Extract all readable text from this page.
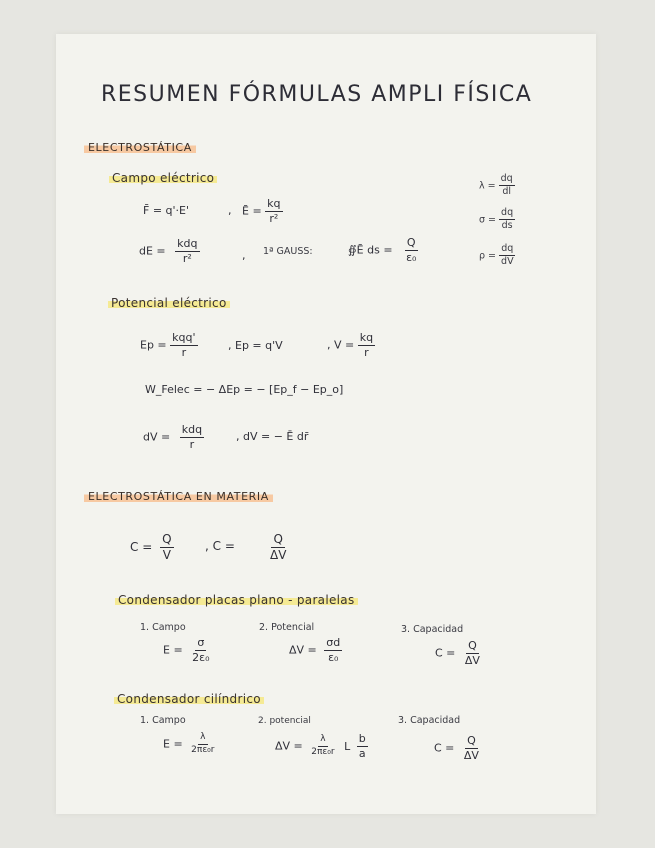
RESUMEN FÓRMULAS AMPLI FÍSICA
ELECTROSTÁTICA
Campo eléctrico
F̄ = q'·E'	, Ē = $\frac{kq}{\text{r²}}$
dE = $\frac{\text{kdq}}{\text{r²}}$	, 1ª GAUSS:	∯Ē ds = $\frac{Q}{\text{ε₀}}$
$\lambda = \frac{dq}{dl}$
$\sigma = \frac{dq}{ds}$
$\rho = \frac{dq}{dV}$
Potencial eléctrico
$Ep = \frac{\text{kqq'}}{r}$	, Ep = q'V	, $V = \frac{kq}{r}$
W_Felec = − ΔEp = − [Ep_f − Ep_o]
dV = $\frac{\text{kdq}}{r}$	, dV = − Ē dr̄
ELECTROSTÁTICA EN MATERIA
$C = \frac{Q}{V}$	, C =	$\frac{Q}{\Delta V}$
Condensador placas plano - paralelas
1. Campo	2. Potencial	3. Capacidad
$E = \frac{\sigma}{\text{2ε₀}}$	$\Delta V = \frac{\sigma d}{\text{ε₀}}$	$C = \frac{Q}{\Delta V}$
Condensador cilíndrico
1. Campo	2. potencial	3. Capacidad
$E = \frac{\lambda}{\text{2πε₀r}}$	$\Delta V = \frac{\lambda}{\text{2πε₀r}}$ L $\frac{b}{a}$	$C = \frac{Q}{\Delta V}$
